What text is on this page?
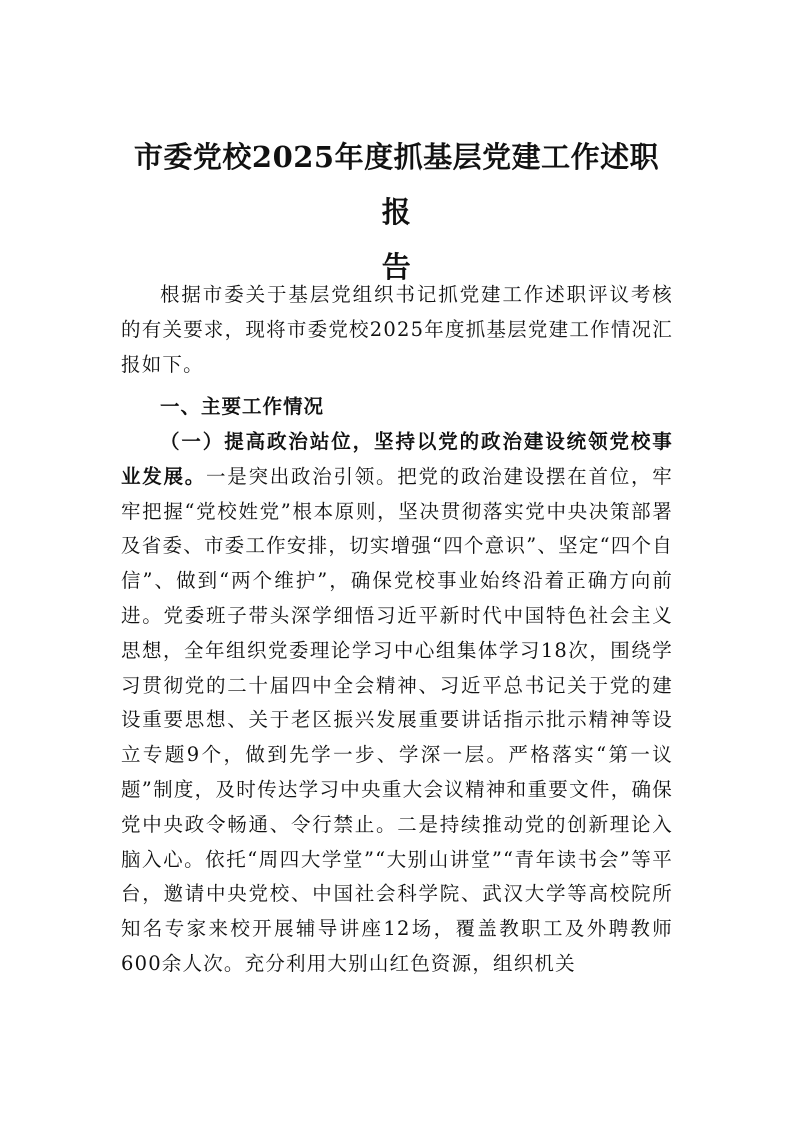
市委党校2025年度抓基层党建工作述职报
告

根据市委关于基层党组织书记抓党建工作述职评议考核的有关要求，现将市委党校2025年度抓基层党建工作情况汇报如下。

一、主要工作情况

（一）提高政治站位，坚持以党的政治建设统领党校事业发展。一是突出政治引领。把党的政治建设摆在首位，牢牢把握“党校姓党”根本原则，坚决贯彻落实党中央决策部署及省委、市委工作安排，切实增强“四个意识”、坚定“四个自信”、做到“两个维护”，确保党校事业始终沿着正确方向前进。党委班子带头深学细悟习近平新时代中国特色社会主义思想，全年组织党委理论学习中心组集体学习18次，围绕学习贯彻党的二十届四中全会精神、习近平总书记关于党的建设重要思想、关于老区振兴发展重要讲话指示批示精神等设立专题9个，做到先学一步、学深一层。严格落实“第一议题”制度，及时传达学习中央重大会议精神和重要文件，确保党中央政令畅通、令行禁止。二是持续推动党的创新理论入脑入心。依托“周四大学堂”“大别山讲堂”“青年读书会”等平台，邀请中央党校、中国社会科学院、武汉大学等高校院所知名专家来校开展辅导讲座12场，覆盖教职工及外聘教师600余人次。充分利用大别山红色资源，组织机关
